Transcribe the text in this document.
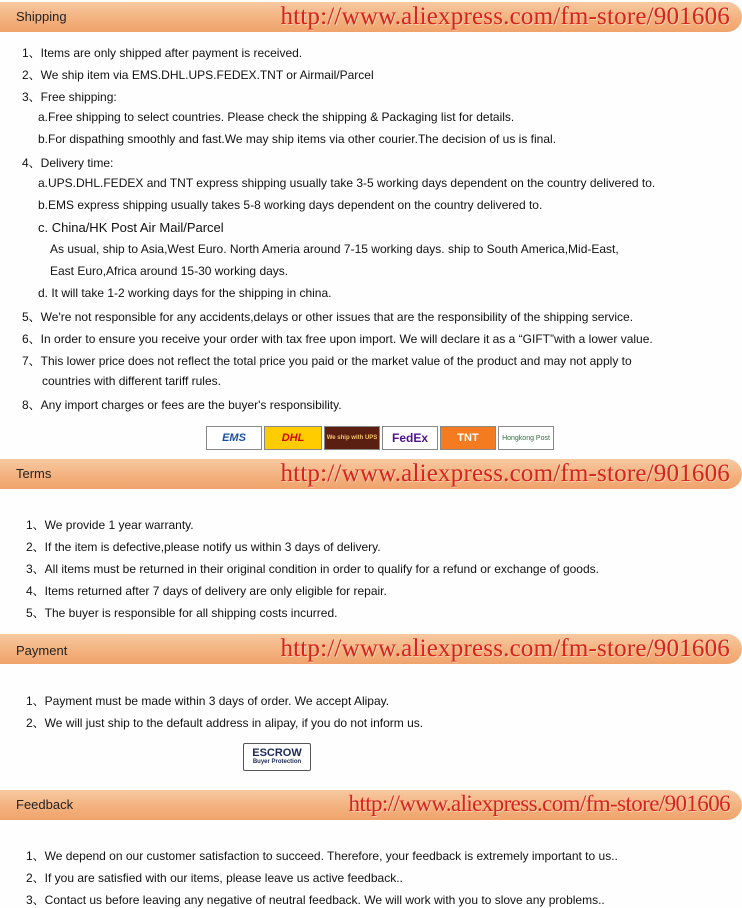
Shipping	http://www.aliexpress.com/fm-store/901606
1、Items are only shipped after payment is received.
2、We ship item via EMS.DHL.UPS.FEDEX.TNT or Airmail/Parcel
3、Free shipping:
a.Free shipping to select countries. Please check the shipping & Packaging list for details.
b.For dispathing smoothly and fast.We may ship items via other courier.The decision of us is final.
4、Delivery time:
a.UPS.DHL.FEDEX and TNT express shipping usually take 3-5 working days dependent on the country delivered to.
b.EMS express shipping usually takes 5-8 working days dependent on the country delivered to.
c. China/HK Post Air Mail/Parcel
As usual, ship to Asia,West Euro. North Ameria around 7-15 working days. ship to South America,Mid-East,
East Euro,Africa around 15-30 working days.
d. It will take 1-2 working days for the shipping in china.
5、We're not responsible for any accidents,delays or other issues that are the responsibility of the shipping service.
6、In order to ensure you receive your order with tax free upon import. We will declare it as a “GIFT”with a lower value.
7、This lower price does not reflect the total price you paid or the market value of the product and may not apply to
countries with different tariff rules.
8、Any import charges or fees are the buyer's responsibility.
EMS	DHL	We ship with UPS	FedEx	TNT	Hongkong Post
Terms	http://www.aliexpress.com/fm-store/901606
1、We provide 1 year warranty.
2、If the item is defective,please notify us within 3 days of delivery.
3、All items must be returned in their original condition in order to qualify for a refund or exchange of goods.
4、Items returned after 7 days of delivery are only eligible for repair.
5、The buyer is responsible for all shipping costs incurred.
Payment	http://www.aliexpress.com/fm-store/901606
1、Payment must be made within 3 days of order. We accept Alipay.
2、We will just ship to the default address in alipay, if you do not inform us.
ESCROW
Buyer Protection
Feedback	http://www.aliexpress.com/fm-store/901606
1、We depend on our customer satisfaction to succeed. Therefore, your feedback is extremely important to us..
2、If you are satisfied with our items, please leave us active feedback..
3、Contact us before leaving any negative of neutral feedback. We will work with you to slove any problems..
